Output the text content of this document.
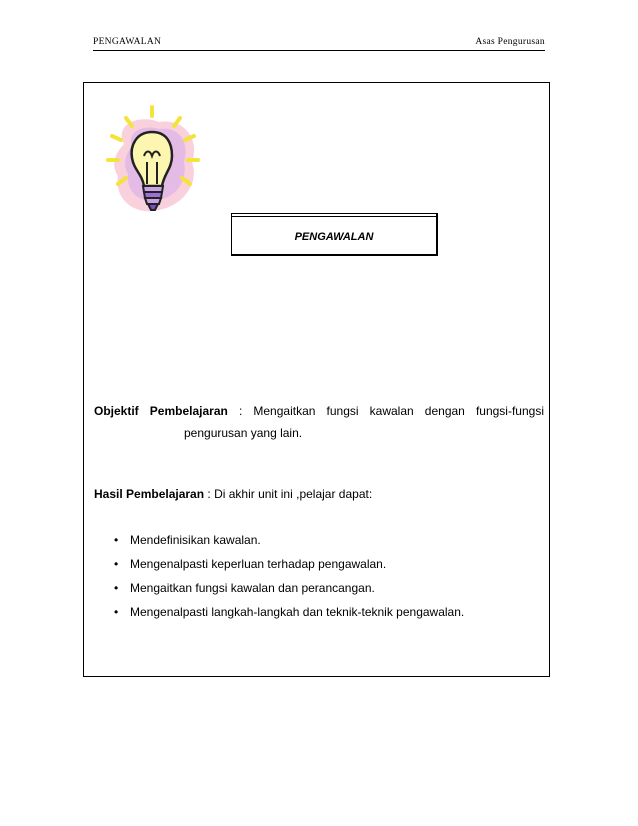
PENGAWALAN	Asas Pengurusan
PENGAWALAN
Objektif Pembelajaran : Mengaitkan fungsi kawalan dengan fungsi-fungsi
pengurusan yang lain.
Hasil Pembelajaran : Di akhir unit ini ,pelajar dapat:
• Mendefinisikan kawalan.
• Mengenalpasti keperluan terhadap pengawalan.
• Mengaitkan fungsi kawalan dan perancangan.
• Mengenalpasti langkah-langkah dan teknik-teknik pengawalan.
